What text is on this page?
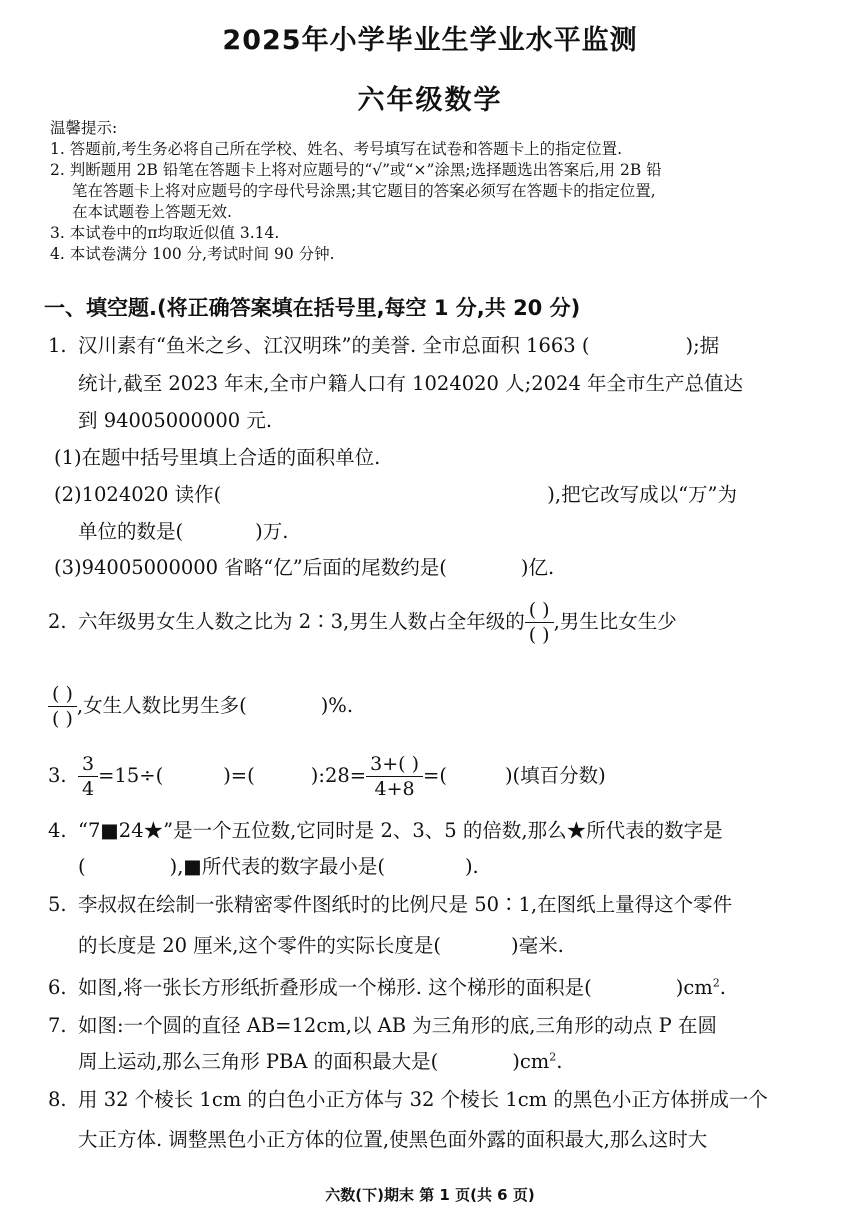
2025年小学毕业生学业水平监测
六年级数学
温馨提示:
1. 答题前,考生务必将自己所在学校、姓名、考号填写在试卷和答题卡上的指定位置.
2. 判断题用 2B 铅笔在答题卡上将对应题号的“√”或“×”涂黑;选择题选出答案后,用 2B 铅
笔在答题卡上将对应题号的字母代号涂黑;其它题目的答案必须写在答题卡的指定位置,
在本试题卷上答题无效.
3. 本试卷中的π均取近似值 3.14.
4. 本试卷满分 100 分,考试时间 90 分钟.
一、填空题.(将正确答案填在括号里,每空 1 分,共 20 分)
1. 汉川素有“鱼米之乡、江汉明珠”的美誉. 全市总面积 1663 (	);据
统计,截至 2023 年末,全市户籍人口有 1024020 人;2024 年全市生产总值达
到 94005000000 元.
(1)在题中括号里填上合适的面积单位.
(2)1024020 读作(	),把它改写成以“万”为
单位的数是(	)万.
(3)94005000000 省略“亿”后面的尾数约是(	)亿.
2. 六年级男女生人数之比为 2∶3,男生人数占全年级的 $\frac{( )}{( )}$ ,男生比女生少
$\frac{( )}{( )}$ ,女生人数比男生多(	)%.
3. $\frac{3}{4} =15\div$(	)=(	):28= $\frac{3+( )}{4+8}$ =(	)(填百分数)
4. “7■24★”是一个五位数,它同时是 2、3、5 的倍数,那么★所代表的数字是
(	),■所代表的数字最小是(	).
5. 李叔叔在绘制一张精密零件图纸时的比例尺是 50∶1,在图纸上量得这个零件
的长度是 20 厘米,这个零件的实际长度是(	)毫米.
6. 如图,将一张长方形纸折叠形成一个梯形. 这个梯形的面积是(	)$cm^2$.
7. 如图:一个圆的直径 AB=12cm,以 AB 为三角形的底,三角形的动点 P 在圆
周上运动,那么三角形 PBA 的面积最大是(	)$cm^2$.
8. 用 32 个棱长 1cm 的白色小正方体与 32 个棱长 1cm 的黑色小正方体拼成一个
大正方体. 调整黑色小正方体的位置,使黑色面外露的面积最大,那么这时大
六数(下)期末 第 1 页(共 6 页)
